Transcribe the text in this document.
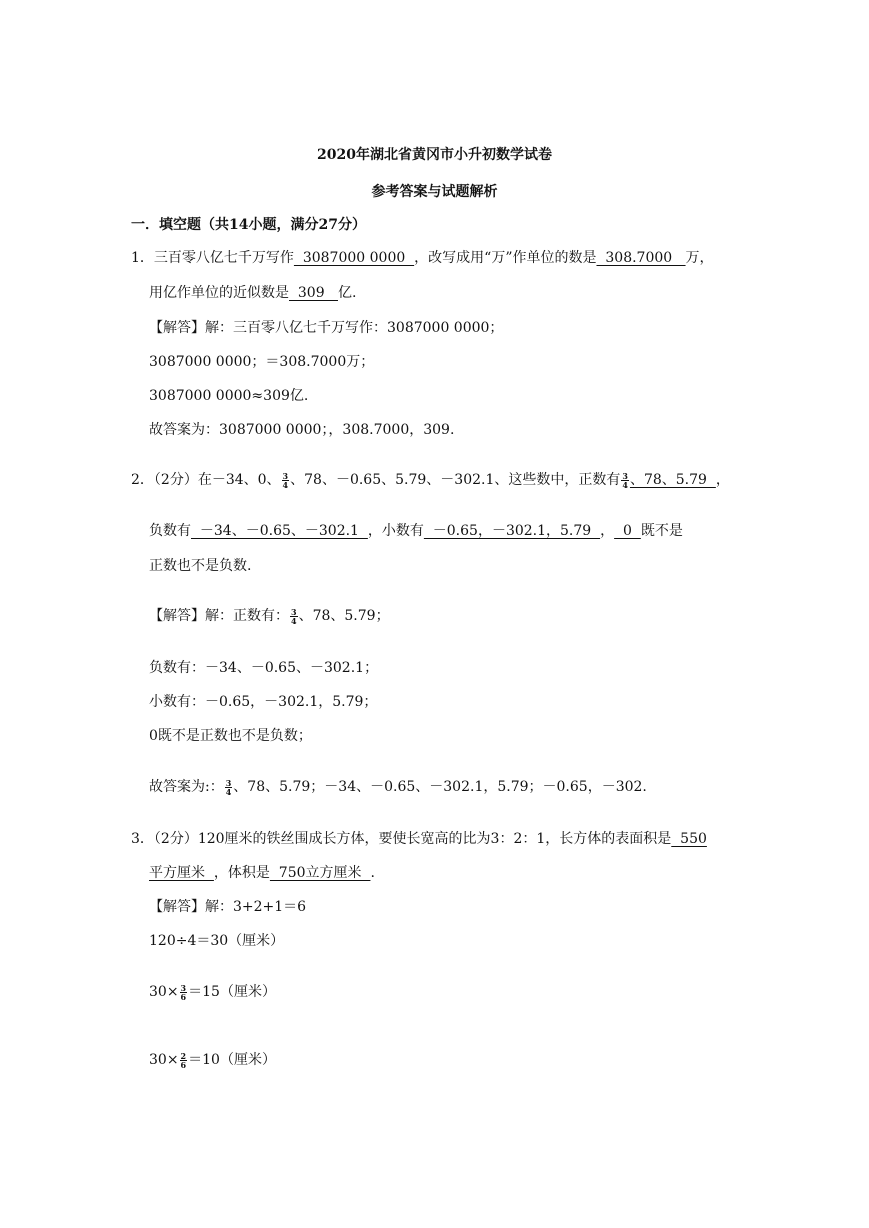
2020年湖北省黄冈市小升初数学试卷
参考答案与试题解析
一．填空题（共14小题，满分27分）
1．三百零八亿七千万写作  3087000 0000  ，改写成用“万”作单位的数是  308.7000   万，
用亿作单位的近似数是  309   亿.
【解答】解：三百零八亿七千万写作：3087000 0000；
3087000 0000；＝308.7000万；
3087000 0000≈309亿.
故答案为：3087000 0000；，308.7000，309.
2．（2分）在－34、0、 $\frac{3}{4}$ 、78、－0.65、5.79、－302.1、这些数中，正数有 $\frac{3}{4}$ 、78、5.79  ，
负数有  －34、－0.65、－302.1  ，小数有  －0.65，－302.1，5.79  ，  0  既不是
正数也不是负数.
【解答】解：正数有： $\frac{3}{4}$ 、78、5.79；
负数有：－34、－0.65、－302.1；
小数有：－0.65，－302.1，5.79；
0既不是正数也不是负数；
故答案为:： $\frac{3}{4}$ 、78、5.79；－34、－0.65、－302.1，5.79；－0.65，－302.
3．（2分）120厘米的铁丝围成长方体，要使长宽高的比为3：2：1，长方体的表面积是  550
平方厘米  ，体积是  750立方厘米  .
【解答】解：3+2+1＝6
120÷4＝30（厘米）
$30\times \frac{3}{6} =15$（厘米）
$30\times \frac{2}{6} =10$（厘米）
